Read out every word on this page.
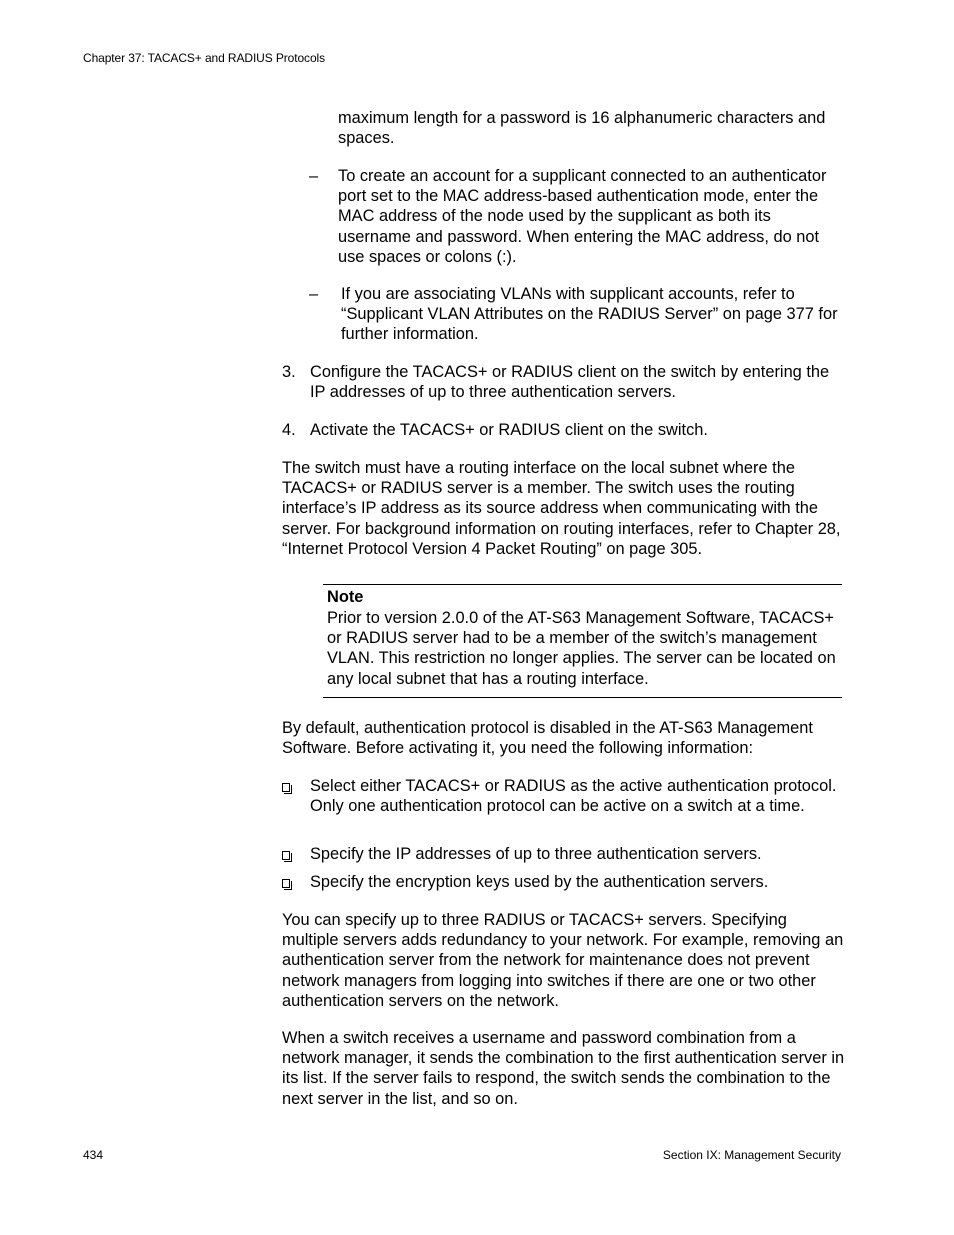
Chapter 37: TACACS+ and RADIUS Protocols
maximum length for a password is 16 alphanumeric characters and spaces.
– To create an account for a supplicant connected to an authenticator port set to the MAC address-based authentication mode, enter the MAC address of the node used by the supplicant as both its username and password. When entering the MAC address, do not use spaces or colons (:).
– If you are associating VLANs with supplicant accounts, refer to “Supplicant VLAN Attributes on the RADIUS Server” on page 377 for further information.
3. Configure the TACACS+ or RADIUS client on the switch by entering the IP addresses of up to three authentication servers.
4. Activate the TACACS+ or RADIUS client on the switch.
The switch must have a routing interface on the local subnet where the TACACS+ or RADIUS server is a member. The switch uses the routing interface’s IP address as its source address when communicating with the server. For background information on routing interfaces, refer to Chapter 28, “Internet Protocol Version 4 Packet Routing” on page 305.
Note
Prior to version 2.0.0 of the AT-S63 Management Software, TACACS+ or RADIUS server had to be a member of the switch’s management VLAN. This restriction no longer applies. The server can be located on any local subnet that has a routing interface.
By default, authentication protocol is disabled in the AT-S63 Management Software. Before activating it, you need the following information:
Select either TACACS+ or RADIUS as the active authentication protocol. Only one authentication protocol can be active on a switch at a time.
Specify the IP addresses of up to three authentication servers.
Specify the encryption keys used by the authentication servers.
You can specify up to three RADIUS or TACACS+ servers. Specifying multiple servers adds redundancy to your network. For example, removing an authentication server from the network for maintenance does not prevent network managers from logging into switches if there are one or two other authentication servers on the network.
When a switch receives a username and password combination from a network manager, it sends the combination to the first authentication server in its list. If the server fails to respond, the switch sends the combination to the next server in the list, and so on.
434	Section IX: Management Security
